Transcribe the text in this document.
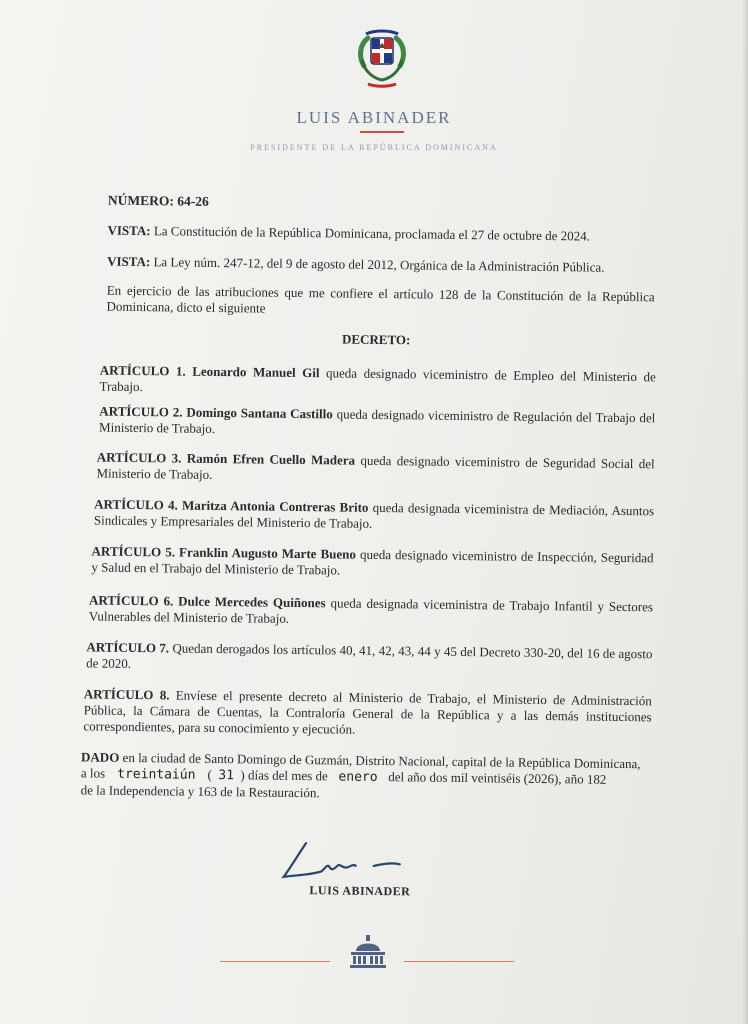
LUIS ABINADER
PRESIDENTE DE LA REPÚBLICA DOMINICANA
NÚMERO: 64-26
VISTA: La Constitución de la República Dominicana, proclamada el 27 de octubre de 2024.
VISTA: La Ley núm. 247-12, del 9 de agosto del 2012, Orgánica de la Administración Pública.
En ejercicio de las atribuciones que me confiere el artículo 128 de la Constitución de la República Dominicana, dicto el siguiente
DECRETO:
ARTÍCULO 1. Leonardo Manuel Gil queda designado viceministro de Empleo del Ministerio de Trabajo.
ARTÍCULO 2. Domingo Santana Castillo queda designado viceministro de Regulación del Trabajo del Ministerio de Trabajo.
ARTÍCULO 3. Ramón Efren Cuello Madera queda designado viceministro de Seguridad Social del Ministerio de Trabajo.
ARTÍCULO 4. Maritza Antonia Contreras Brito queda designada viceministra de Mediación, Asuntos Sindicales y Empresariales del Ministerio de Trabajo.
ARTÍCULO 5. Franklin Augusto Marte Bueno queda designado viceministro de Inspección, Seguridad y Salud en el Trabajo del Ministerio de Trabajo.
ARTÍCULO 6. Dulce Mercedes Quiñones queda designada viceministra de Trabajo Infantil y Sectores Vulnerables del Ministerio de Trabajo.
ARTÍCULO 7. Quedan derogados los artículos 40, 41, 42, 43, 44 y 45 del Decreto 330-20, del 16 de agosto de 2020.
ARTÍCULO 8. Envíese el presente decreto al Ministerio de Trabajo, el Ministerio de Administración Pública, la Cámara de Cuentas, la Contraloría General de la República y a las demás instituciones correspondientes, para su conocimiento y ejecución.
DADO en la ciudad de Santo Domingo de Guzmán, Distrito Nacional, capital de la República Dominicana,
a los treintaiún ( 31 ) días del mes de enero del año dos mil veintiséis (2026), año 182
de la Independencia y 163 de la Restauración.
LUIS ABINADER
